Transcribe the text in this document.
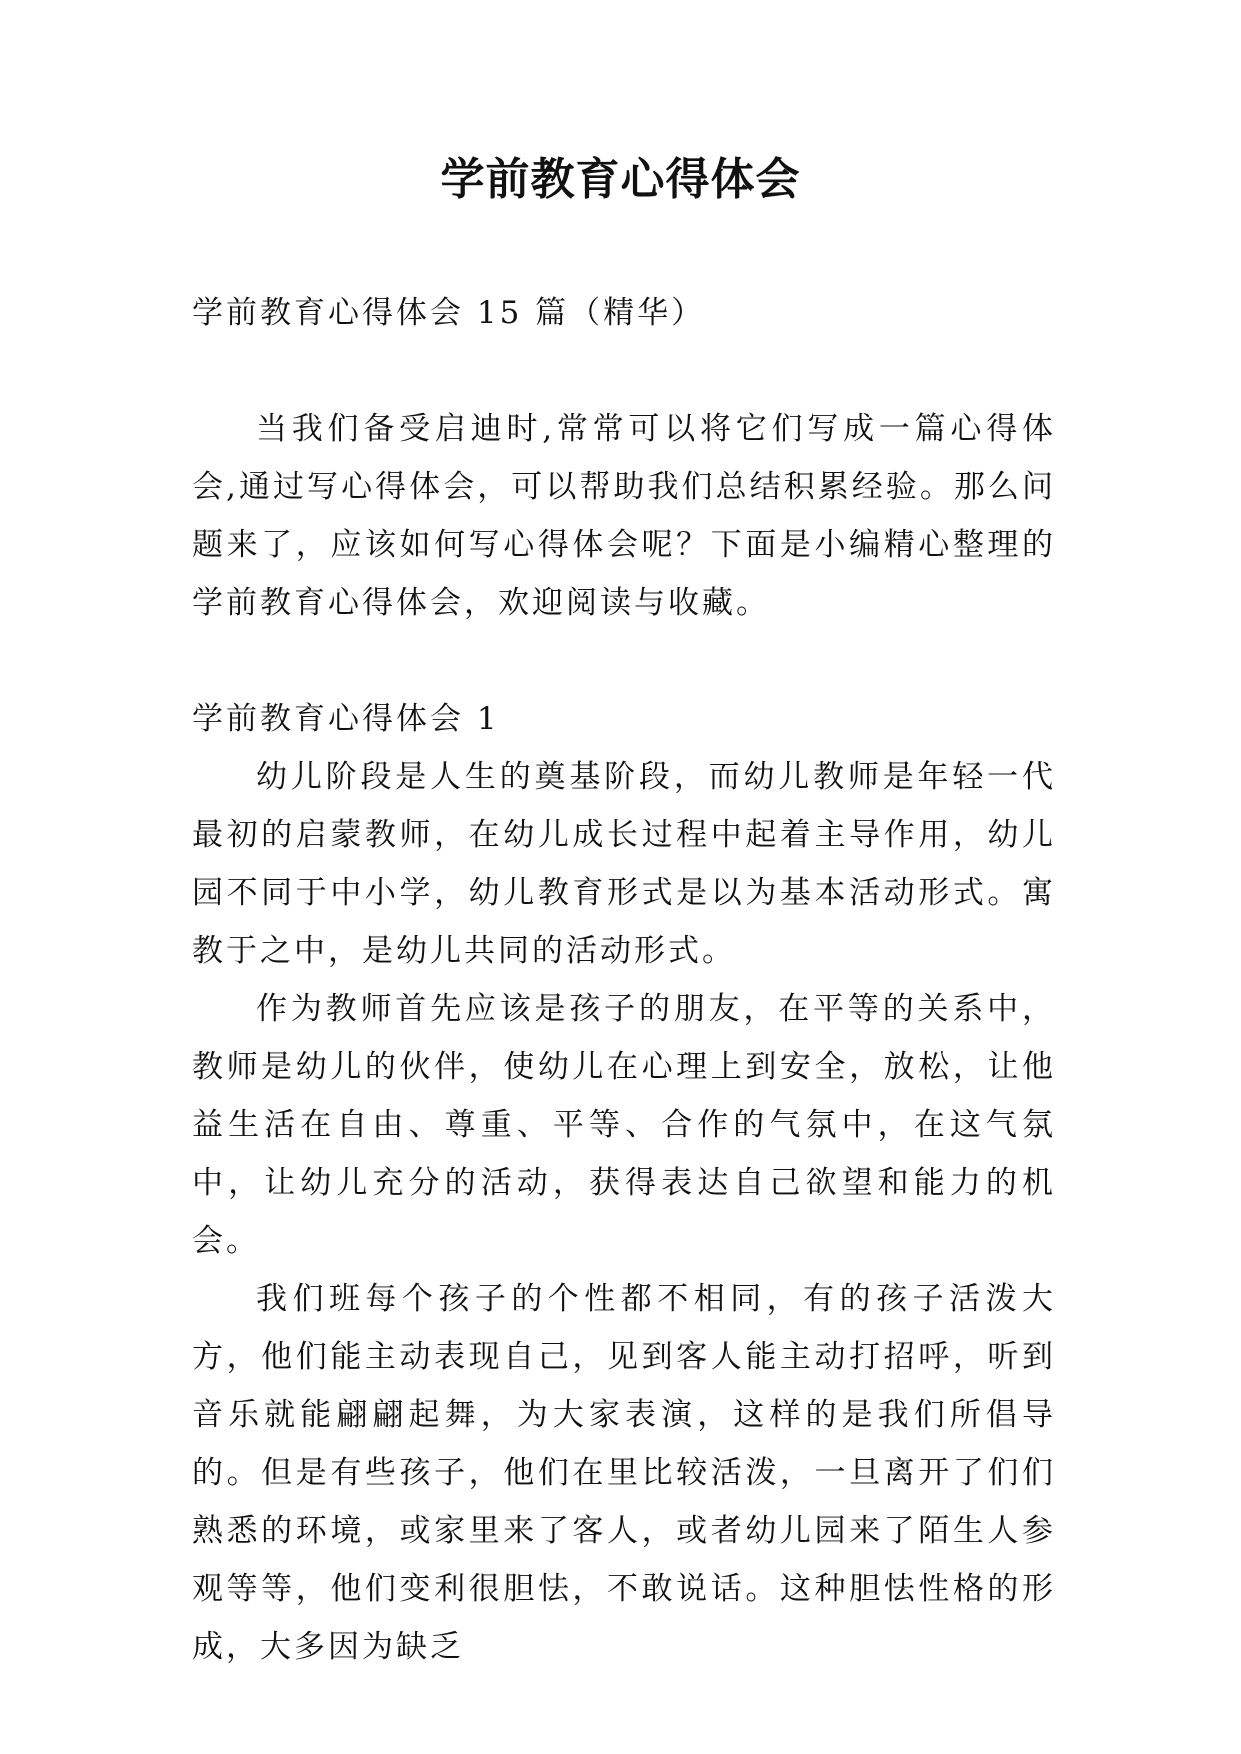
学前教育心得体会

学前教育心得体会 15 篇（精华）

当我们备受启迪时,常常可以将它们写成一篇心得体会,通过写心得体会，可以帮助我们总结积累经验。那么问题来了，应该如何写心得体会呢？下面是小编精心整理的学前教育心得体会，欢迎阅读与收藏。

学前教育心得体会 1

幼儿阶段是人生的奠基阶段，而幼儿教师是年轻一代最初的启蒙教师，在幼儿成长过程中起着主导作用，幼儿园不同于中小学，幼儿教育形式是以为基本活动形式。寓教于之中，是幼儿共同的活动形式。

作为教师首先应该是孩子的朋友，在平等的关系中，教师是幼儿的伙伴，使幼儿在心理上到安全，放松，让他益生活在自由、尊重、平等、合作的气氛中，在这气氛中，让幼儿充分的活动，获得表达自己欲望和能力的机会。

我们班每个孩子的个性都不相同，有的孩子活泼大方，他们能主动表现自己，见到客人能主动打招呼，听到音乐就能翩翩起舞，为大家表演，这样的是我们所倡导的。但是有些孩子，他们在里比较活泼，一旦离开了们们熟悉的环境，或家里来了客人，或者幼儿园来了陌生人参观等等，他们变利很胆怯，不敢说话。这种胆怯性格的形成，大多因为缺乏
